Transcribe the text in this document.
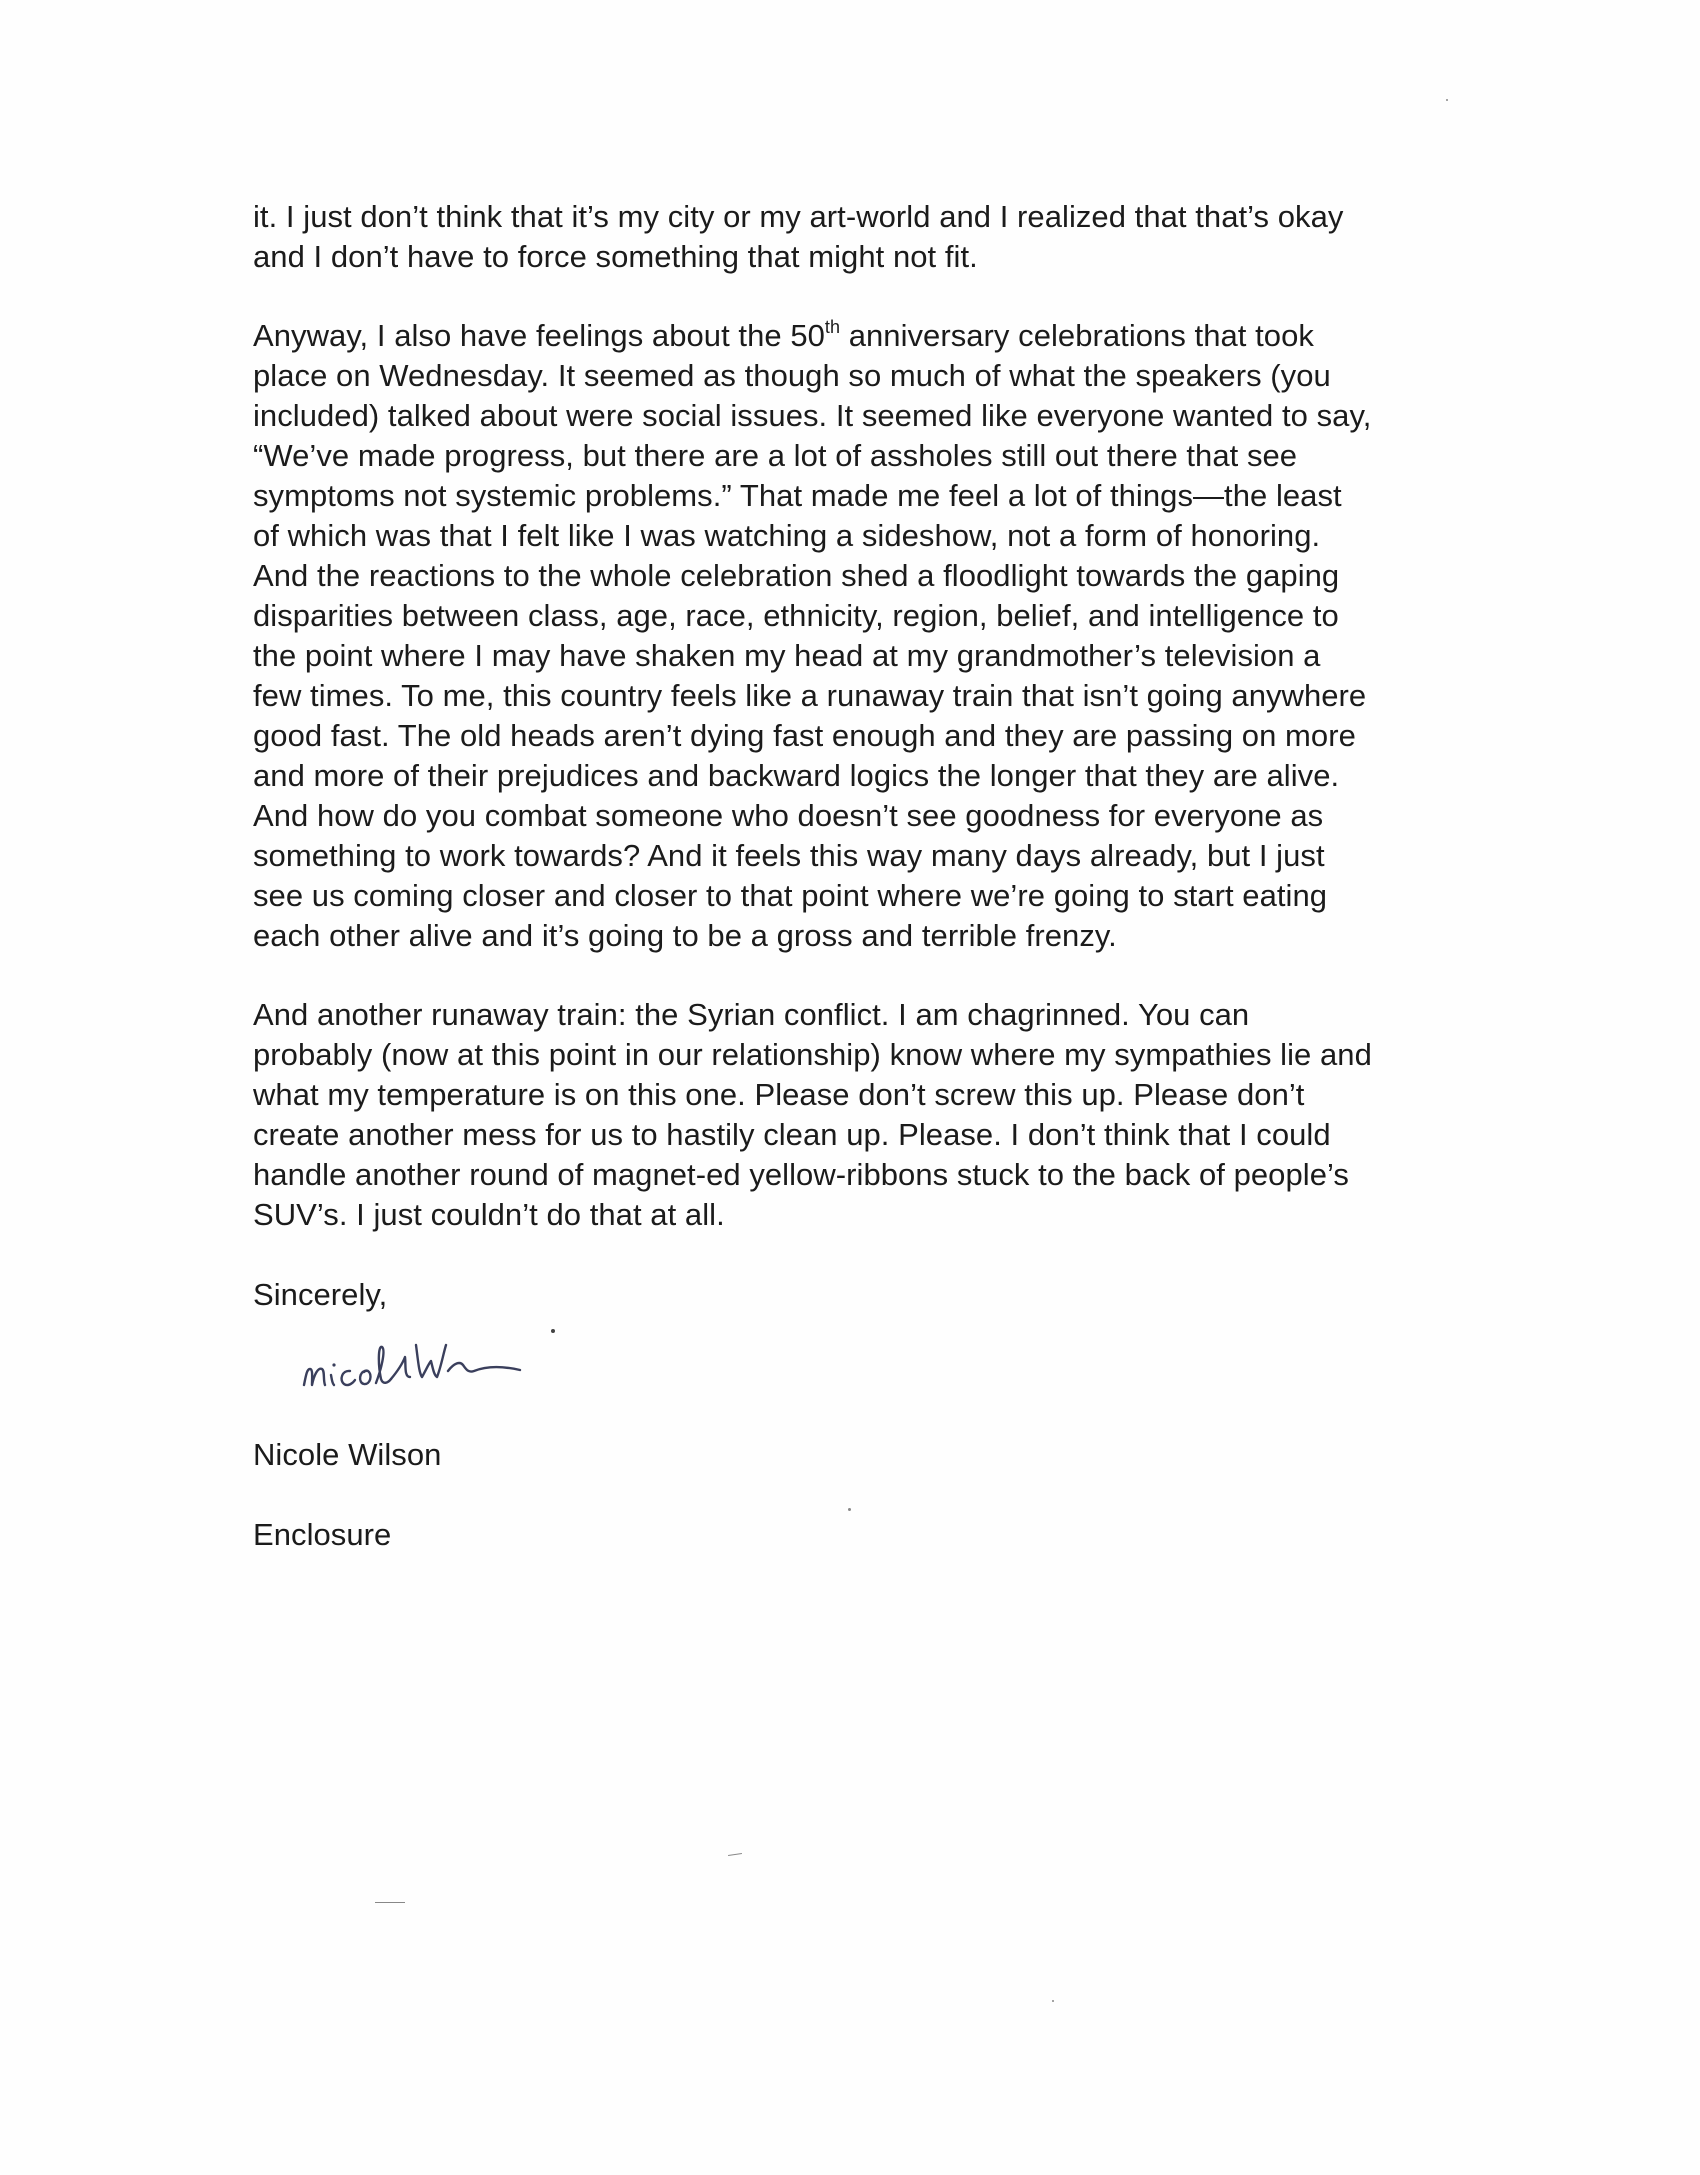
it. I just don’t think that it’s my city or my art-world and I realized that that’s okay
and I don’t have to force something that might not fit.
Anyway, I also have feelings about the 50th anniversary celebrations that took
place on Wednesday. It seemed as though so much of what the speakers (you
included) talked about were social issues. It seemed like everyone wanted to say,
“We’ve made progress, but there are a lot of assholes still out there that see
symptoms not systemic problems.” That made me feel a lot of things—the least
of which was that I felt like I was watching a sideshow, not a form of honoring.
And the reactions to the whole celebration shed a floodlight towards the gaping
disparities between class, age, race, ethnicity, region, belief, and intelligence to
the point where I may have shaken my head at my grandmother’s television a
few times. To me, this country feels like a runaway train that isn’t going anywhere
good fast. The old heads aren’t dying fast enough and they are passing on more
and more of their prejudices and backward logics the longer that they are alive.
And how do you combat someone who doesn’t see goodness for everyone as
something to work towards? And it feels this way many days already, but I just
see us coming closer and closer to that point where we’re going to start eating
each other alive and it’s going to be a gross and terrible frenzy.
And another runaway train: the Syrian conflict. I am chagrinned. You can
probably (now at this point in our relationship) know where my sympathies lie and
what my temperature is on this one. Please don’t screw this up. Please don’t
create another mess for us to hastily clean up. Please. I don’t think that I could
handle another round of magnet-ed yellow-ribbons stuck to the back of people’s
SUV’s. I just couldn’t do that at all.
Sincerely,
Nicole Wilson
Enclosure
